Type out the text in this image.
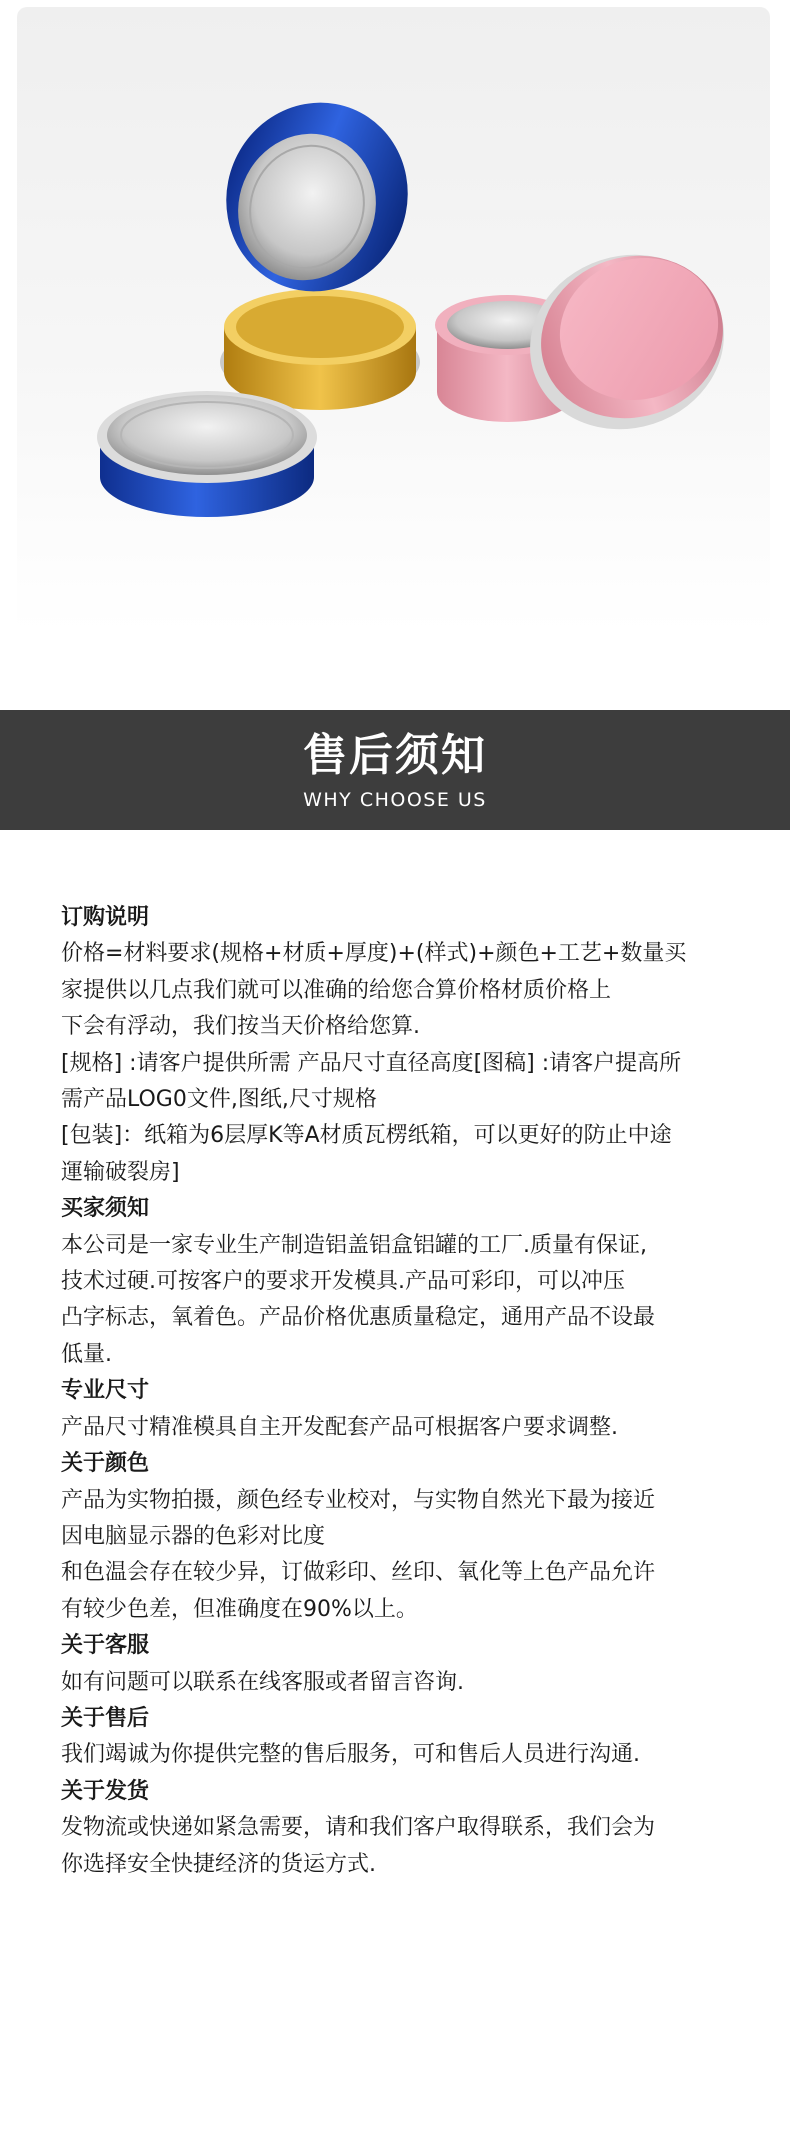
售后须知
WHY CHOOSE US

订购说明

价格=材料要求(规格+材质+厚度)+(样式)+颜色+工艺+数量买

家提供以几点我们就可以准确的给您合算价格材质价格上

下会有浮动，我们按当天价格给您算.

[规格] :请客户提供所需 产品尺寸直径高度[图稿] :请客户提高所

需产品LOG0文件,图纸,尺寸规格

[包装]：纸箱为6层厚K等A材质瓦楞纸箱，可以更好的防止中途

運输破裂房]

买家须知

本公司是一家专业生产制造铝盖铝盒铝罐的工厂.质量有保证,

技术过硬.可按客户的要求开发模具.产品可彩印，可以冲压

凸字标志，氧着色。产品价格优惠质量稳定，通用产品不设最

低量.

专业尺寸

产品尺寸精准模具自主开发配套产品可根据客户要求调整.

关于颜色

产品为实物拍摄，颜色经专业校对，与实物自然光下最为接近

因电脑显示器的色彩对比度

和色温会存在较少异，订做彩印、丝印、氧化等上色产品允许

有较少色差，但准确度在90%以上。

关于客服

如有问题可以联系在线客服或者留言咨询.

关于售后

我们竭诚为你提供完整的售后服务，可和售后人员进行沟通.

关于发货

发物流或快递如紧急需要，请和我们客户取得联系，我们会为

你选择安全快捷经济的货运方式.
